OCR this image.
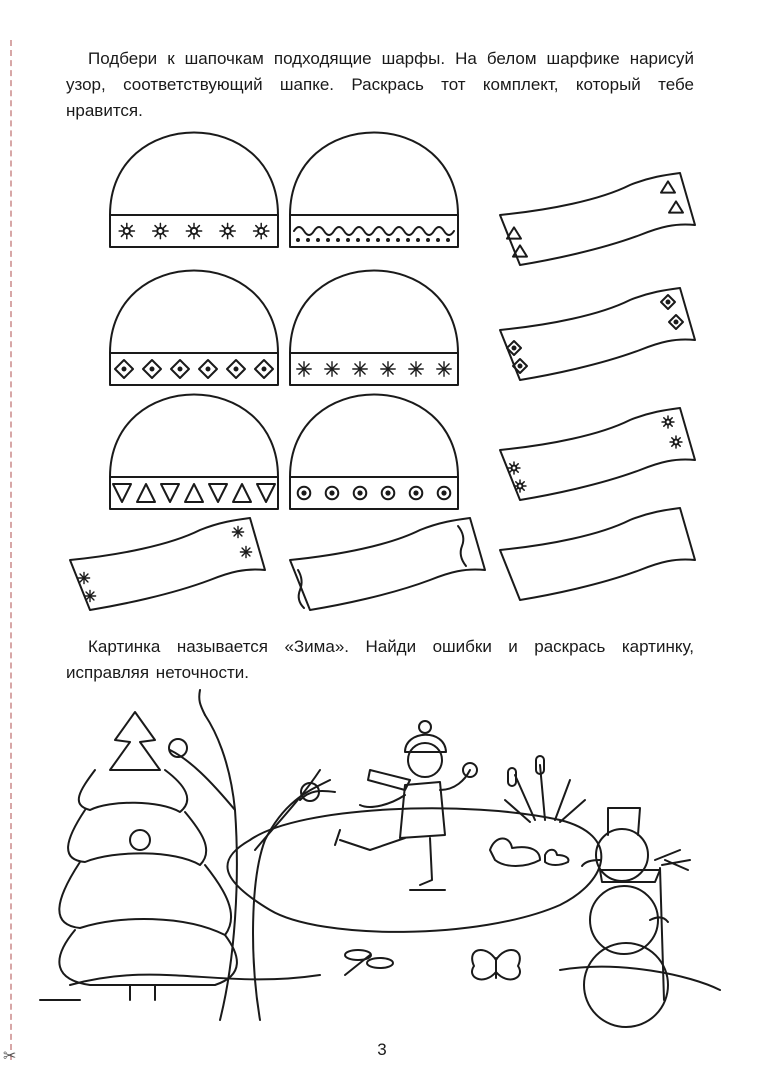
✂
Подбери к шапочкам подходящие шарфы. На белом шарфике нарисуй узор, соответствующий шапке. Раскрась тот комплект, который тебе нравится.
Картинка называется «Зима». Найди ошибки и раскрась картинку, исправляя неточности.
3
